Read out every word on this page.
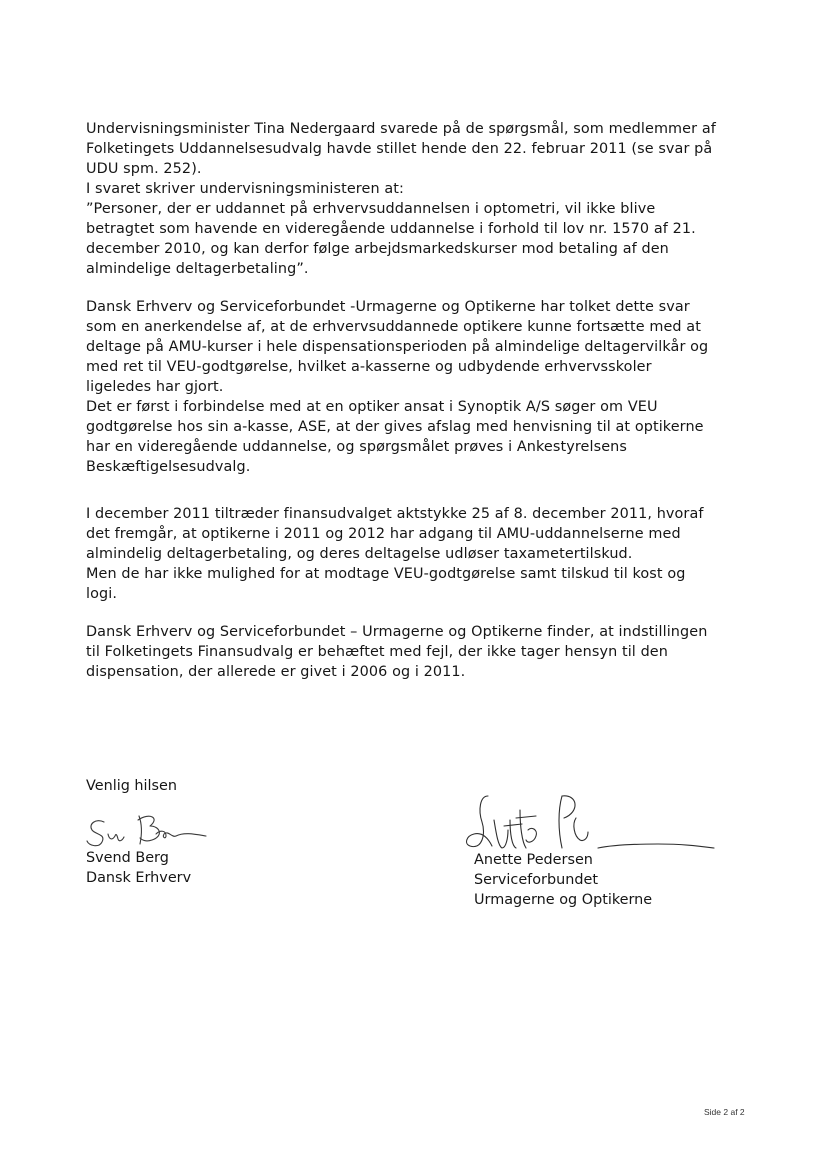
Undervisningsminister Tina Nedergaard svarede på de spørgsmål, som medlemmer af
Folketingets Uddannelsesudvalg havde stillet hende den 22. februar 2011 (se svar på
UDU spm. 252).
I svaret skriver undervisningsministeren at:
”Personer, der er uddannet på erhvervsuddannelsen i optometri, vil ikke blive
betragtet som havende en videregående uddannelse i forhold til lov nr. 1570 af 21.
december 2010, og kan derfor følge arbejdsmarkedskurser mod betaling af den
almindelige deltagerbetaling”.
Dansk Erhverv og Serviceforbundet -Urmagerne og Optikerne har tolket dette svar
som en anerkendelse af, at de erhvervsuddannede optikere kunne fortsætte med at
deltage på AMU-kurser i hele dispensationsperioden på almindelige deltagervilkår og
med ret til VEU-godtgørelse, hvilket a-kasserne og udbydende erhvervsskoler
ligeledes har gjort.
Det er først i forbindelse med at en optiker ansat i Synoptik A/S søger om VEU
godtgørelse hos sin a-kasse, ASE, at der gives afslag med henvisning til at optikerne
har en videregående uddannelse, og spørgsmålet prøves i Ankestyrelsens
Beskæftigelsesudvalg.
I december 2011 tiltræder finansudvalget aktstykke 25 af 8. december 2011, hvoraf
det fremgår, at optikerne i 2011 og 2012 har adgang til AMU-uddannelserne med
almindelig deltagerbetaling, og deres deltagelse udløser taxametertilskud.
Men de har ikke mulighed for at modtage VEU-godtgørelse samt tilskud til kost og
logi.
Dansk Erhverv og Serviceforbundet – Urmagerne og Optikerne finder, at indstillingen
til Folketingets Finansudvalg er behæftet med fejl, der ikke tager hensyn til den
dispensation, der allerede er givet i 2006 og i 2011.
Venlig hilsen
Svend Berg
Dansk Erhverv
Anette Pedersen
Serviceforbundet
Urmagerne og Optikerne
Side 2 af 2
